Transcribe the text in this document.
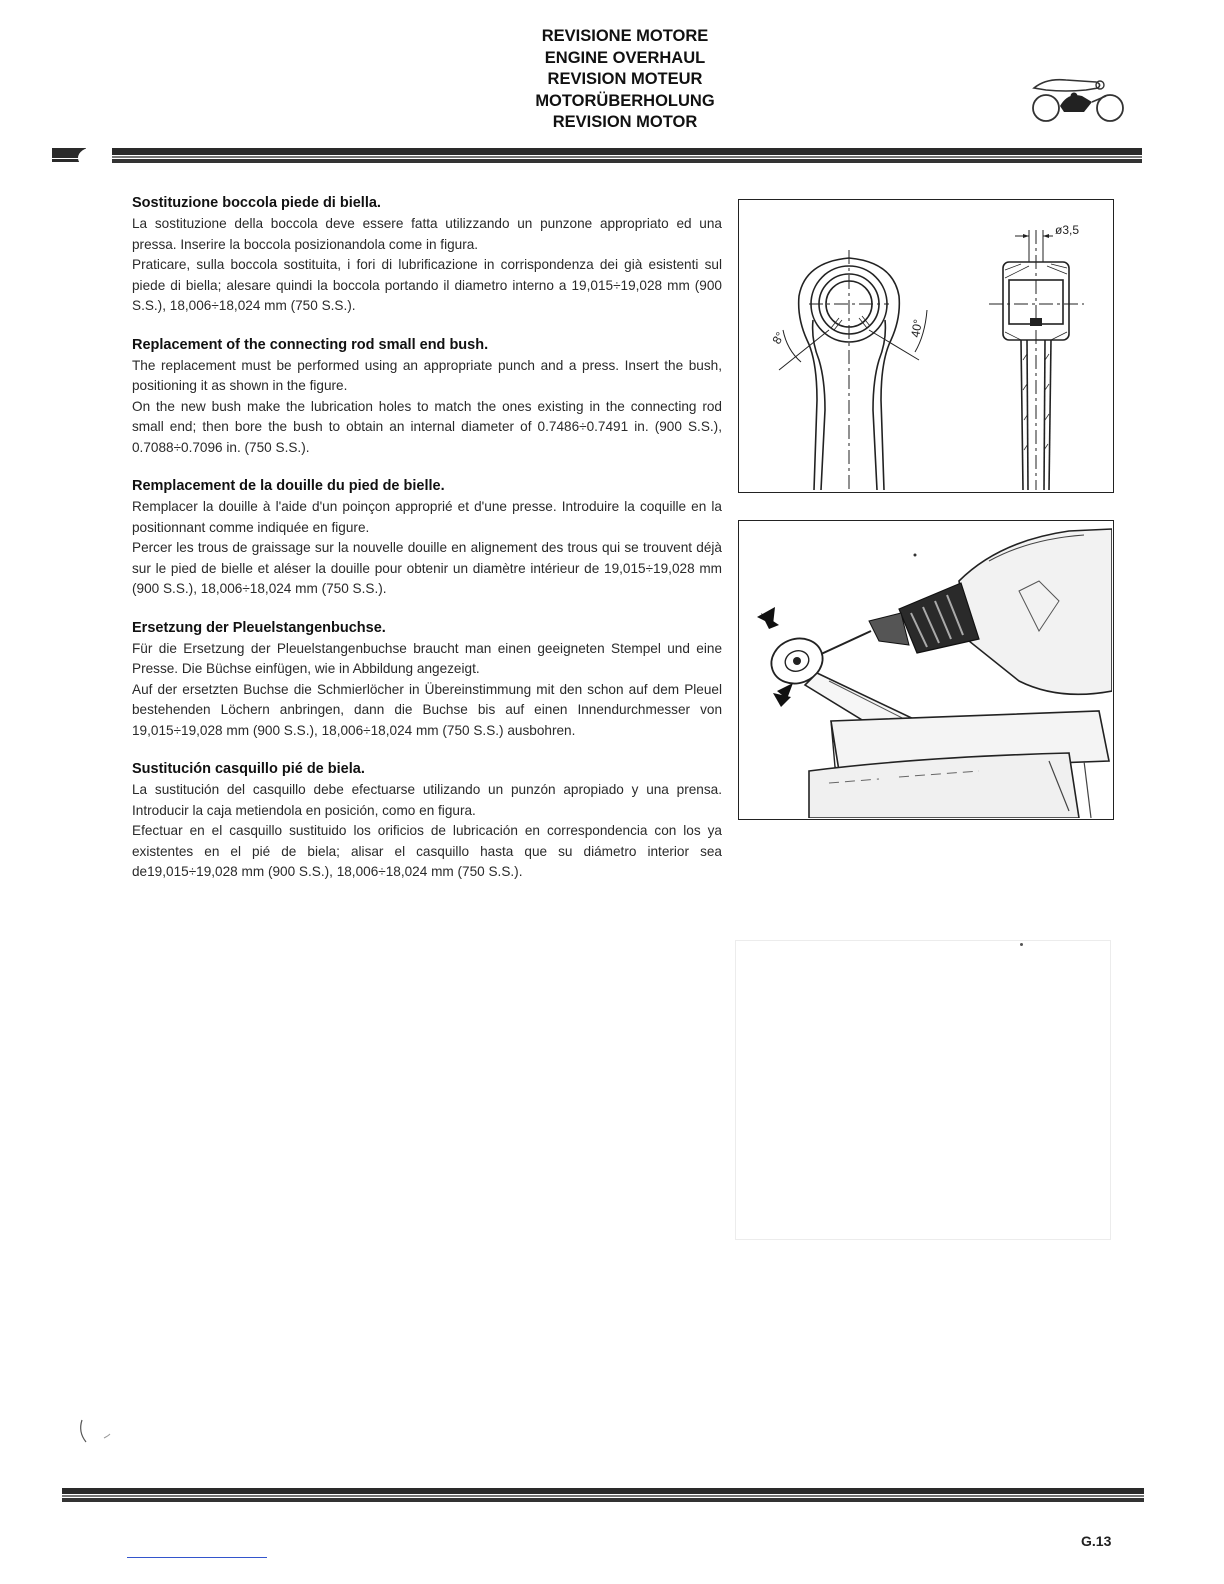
REVISIONE MOTORE
ENGINE OVERHAUL
REVISION MOTEUR
MOTORÜBERHOLUNG
REVISION MOTOR
Sostituzione boccola piede di biella.
La sostituzione della boccola deve essere fatta utilizzando un punzone appropriato ed una pressa. Inserire la boccola posizionandola come in figura.
Praticare, sulla boccola sostituita, i fori di lubrificazione in corrispondenza dei già esistenti sul piede di biella; alesare quindi la boccola portando il diametro interno a 19,015÷19,028 mm (900 S.S.), 18,006÷18,024 mm (750 S.S.).
Replacement of the connecting rod small end bush.
The replacement must be performed using an appropriate punch and a press. Insert the bush, positioning it as shown in the figure.
On the new bush make the lubrication holes to match the ones existing in the connecting rod small end; then bore the bush to obtain an internal diameter of 0.7486÷0.7491 in. (900 S.S.), 0.7088÷0.7096 in. (750 S.S.).
Remplacement de la douille du pied de bielle.
Remplacer la douille à l'aide d'un poinçon approprié et d'une presse. Introduire la coquille en la positionnant comme indiquée en figure.
Percer les trous de graissage sur la nouvelle douille en alignement des trous qui se trouvent déjà sur le pied de bielle et aléser la douille pour obtenir un diamètre intérieur de 19,015÷19,028 mm (900 S.S.), 18,006÷18,024 mm (750 S.S.).
Ersetzung der Pleuelstangenbuchse.
Für die Ersetzung der Pleuelstangenbuchse braucht man einen geeigneten Stempel und eine Presse. Die Büchse einfügen, wie in Abbildung angezeigt.
Auf der ersetzten Buchse die Schmierlöcher in Übereinstimmung mit den schon auf dem Pleuel bestehenden Löchern anbringen, dann die Buchse bis auf einen Innendurchmesser von 19,015÷19,028 mm (900 S.S.), 18,006÷18,024 mm (750 S.S.) ausbohren.
Sustitución casquillo pié de biela.
La sustitución del casquillo debe efectuarse utilizando un punzón apropiado y una prensa. Introducir la caja metiendola en posición, como en figura.
Efectuar en el casquillo sustituido los orificios de lubricación en correspondencia con los ya existentes en el pié de biela; alisar el casquillo hasta que su diámetro interior sea de19,015÷19,028 mm (900 S.S.), 18,006÷18,024 mm (750 S.S.).
8°	40°
ø3,5
G.13
